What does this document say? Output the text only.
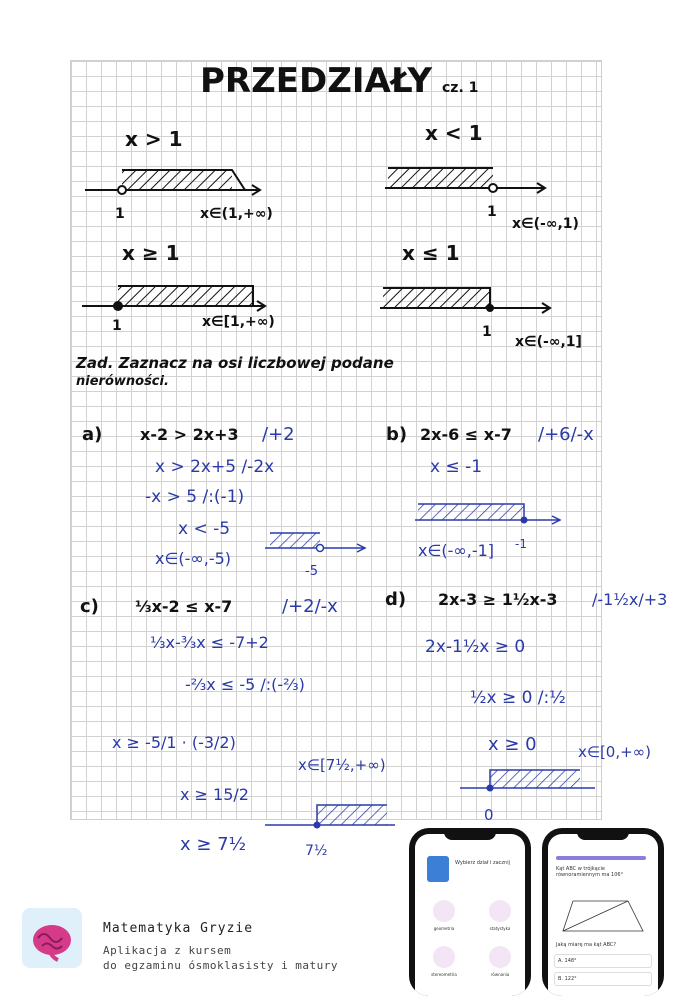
PRZEDZIAŁY cz. 1
x > 1
1	x∈(1,+∞)
x < 1
1
x∈(-∞,1)
x ≥ 1
1	x∈[1,+∞)
x ≤ 1
1
x∈(-∞,1]
Zad. Zaznacz na osi liczbowej podane
nierówności.
a) x-2 > 2x+3 /+2
x > 2x+5 /-2x
-x > 5 /:(-1)
x < -5
x∈(-∞,-5)
-5
b) 2x-6 ≤ x-7 /+6/-x
x ≤ -1
x∈(-∞,-1] -1
c) ⅓x-2 ≤ x-7	/+2/-x
⅓x-³⁄₃x ≤ -7+2
-⅔x ≤ -5 /:(-⅔)
x ≥ -5/1 · (-3/2)
x ≥ 15/2
x ≥ 7½
x∈[7½,+∞)
7½
d) 2x-3 ≥ 1½x-3 /-1½x/+3
2x-1½x ≥ 0
½x ≥ 0 /:½
x ≥ 0	x∈[0,+∞)
0
Matematyka Gryzie
Aplikacja z kursem
do egzaminu ósmoklasisty i matury
Wybierz dział i zacznij
geometria	statystyka
stereometria	równania
Kąt ABC w trójkącie równoramiennym ma 106°
Jaką miarę ma kąt ABC?
A. 148°
B. 122°
